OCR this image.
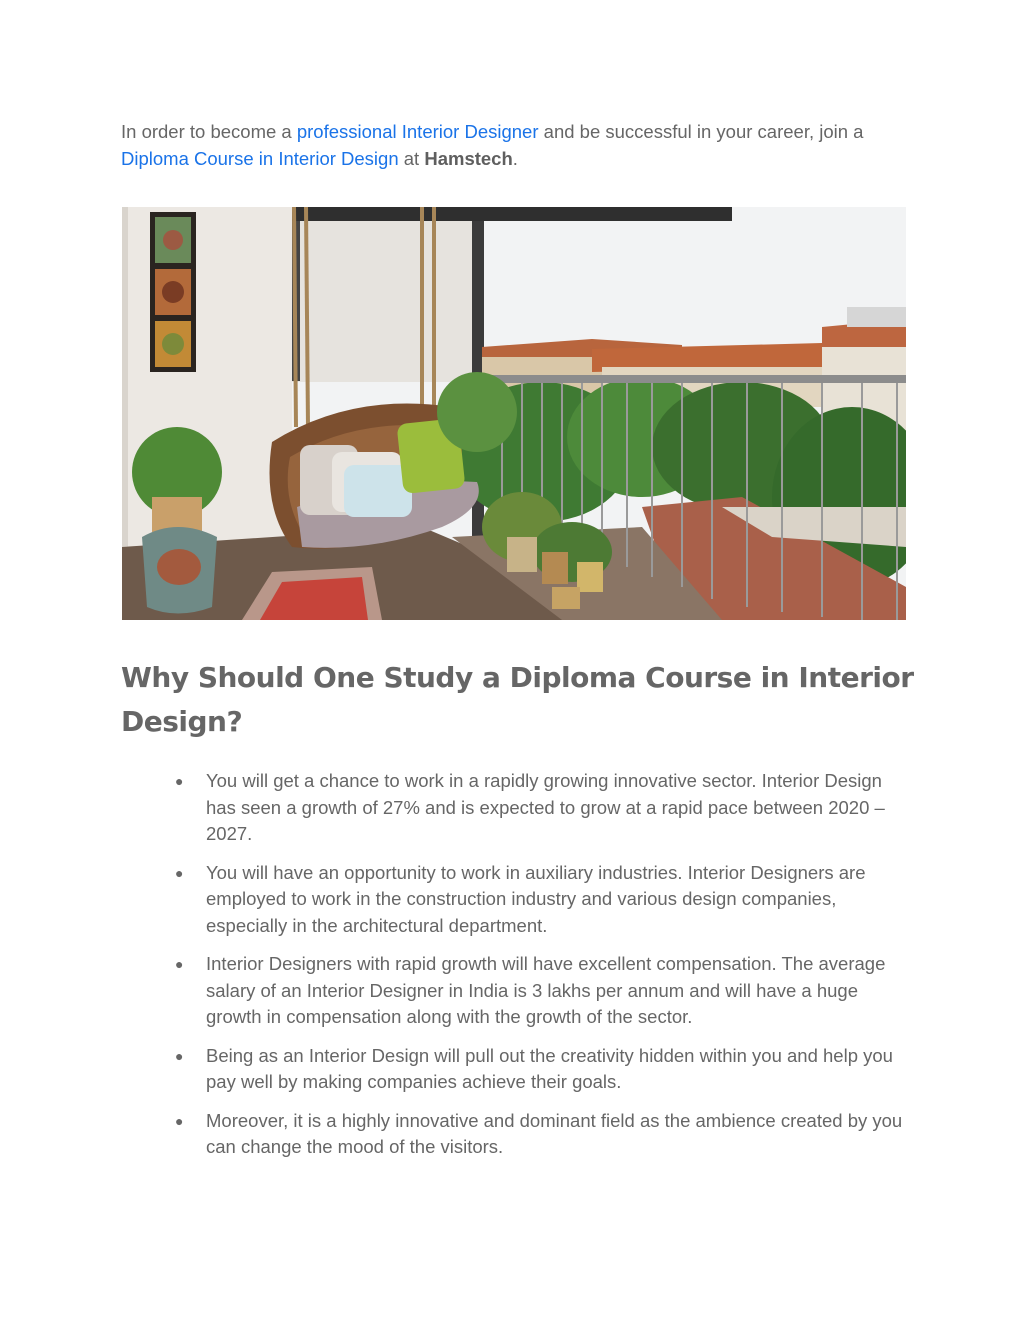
In order to become a professional Interior Designer and be successful in your career, join a Diploma Course in Interior Design at Hamstech.

Why Should One Study a Diploma Course in Interior Design?
● You will get a chance to work in a rapidly growing innovative sector. Interior Design has seen a growth of 27% and is expected to grow at a rapid pace between 2020 – 2027.
● You will have an opportunity to work in auxiliary industries. Interior Designers are employed to work in the construction industry and various design companies, especially in the architectural department.
● Interior Designers with rapid growth will have excellent compensation. The average salary of an Interior Designer in India is 3 lakhs per annum and will have a huge growth in compensation along with the growth of the sector.
● Being as an Interior Design will pull out the creativity hidden within you and help you pay well by making companies achieve their goals.
● Moreover, it is a highly innovative and dominant field as the ambience created by you can change the mood of the visitors.
